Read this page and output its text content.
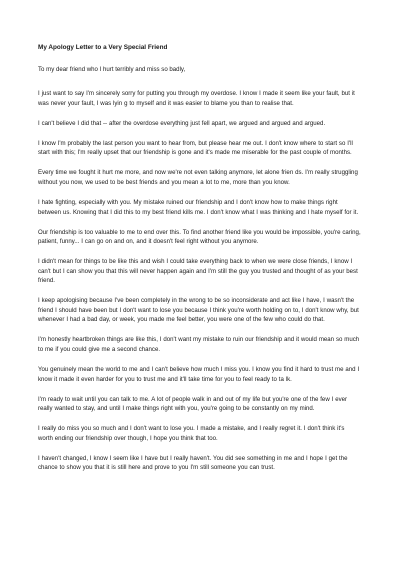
My Apology Letter to a Very Special Friend
To my dear friend who I hurt terribly and miss so badly,
I just want to say I'm sincerely sorry for putting you through my overdose. I know I made it seem like your fault, but it was never your fault, I was lyin g to myself and it was easier to blame you than to realise that.
I can't believe I did that -- after the overdose everything just fell apart, we argued and argued and argued.
I know I'm probably the last person you want to hear from, but please hear me out. I don't know where to start so I'll start with this; I'm really upset that our friendship is gone and it's made me miserable for the past couple of months.
Every time we fought it hurt me more, and now we're not even talking anymore, let alone frien ds. I'm really struggling without you now, we used to be best friends and you mean a lot to me, more than you know.
I hate fighting, especially with you. My mistake ruined our friendship and I don't know how to make things right between us. Knowing that I did this to my best friend kills me. I don't know what I was thinking and I hate myself for it.
Our friendship is too valuable to me to end over this. To find another friend like you would be impossible, you're caring, patient, funny... I can go on and on, and it doesn't feel right without you anymore.
I didn't mean for things to be like this and wish I could take everything back to when we were close friends, I know I can't but I can show you that this will never happen again and I'm still the guy you trusted and thought of as your best friend.
I keep apologising because I've been completely in the wrong to be so inconsiderate and act like I have, I wasn't the friend I should have been but I don't want to lose you because I think you're worth holding on to, I don't know why, but whenever I had a bad day, or week, you made me feel better, you were one of the few who could do that.
I'm honestly heartbroken things are like this, I don't want my mistake to ruin our friendship and it would mean so much to me if you could give me a second chance.
You genuinely mean the world to me and I can't believe how much I miss you. I know you find it hard to trust me and I know it made it even harder for you to trust me and it'll take time for you to feel ready to ta lk.
I'm ready to wait until you can talk to me. A lot of people walk in and out of my life but you're one of the few I ever really wanted to stay, and until I make things right with you, you're going to be constantly on my mind.
I really do miss you so much and I don't want to lose you. I made a mistake, and I really regret it. I don't think it's worth ending our friendship over though, I hope you think that too.
I haven't changed, I know I seem like I have but I really haven't. You did see something in me and I hope I get the chance to show you that it is still here and prove to you I'm still someone you can trust.
